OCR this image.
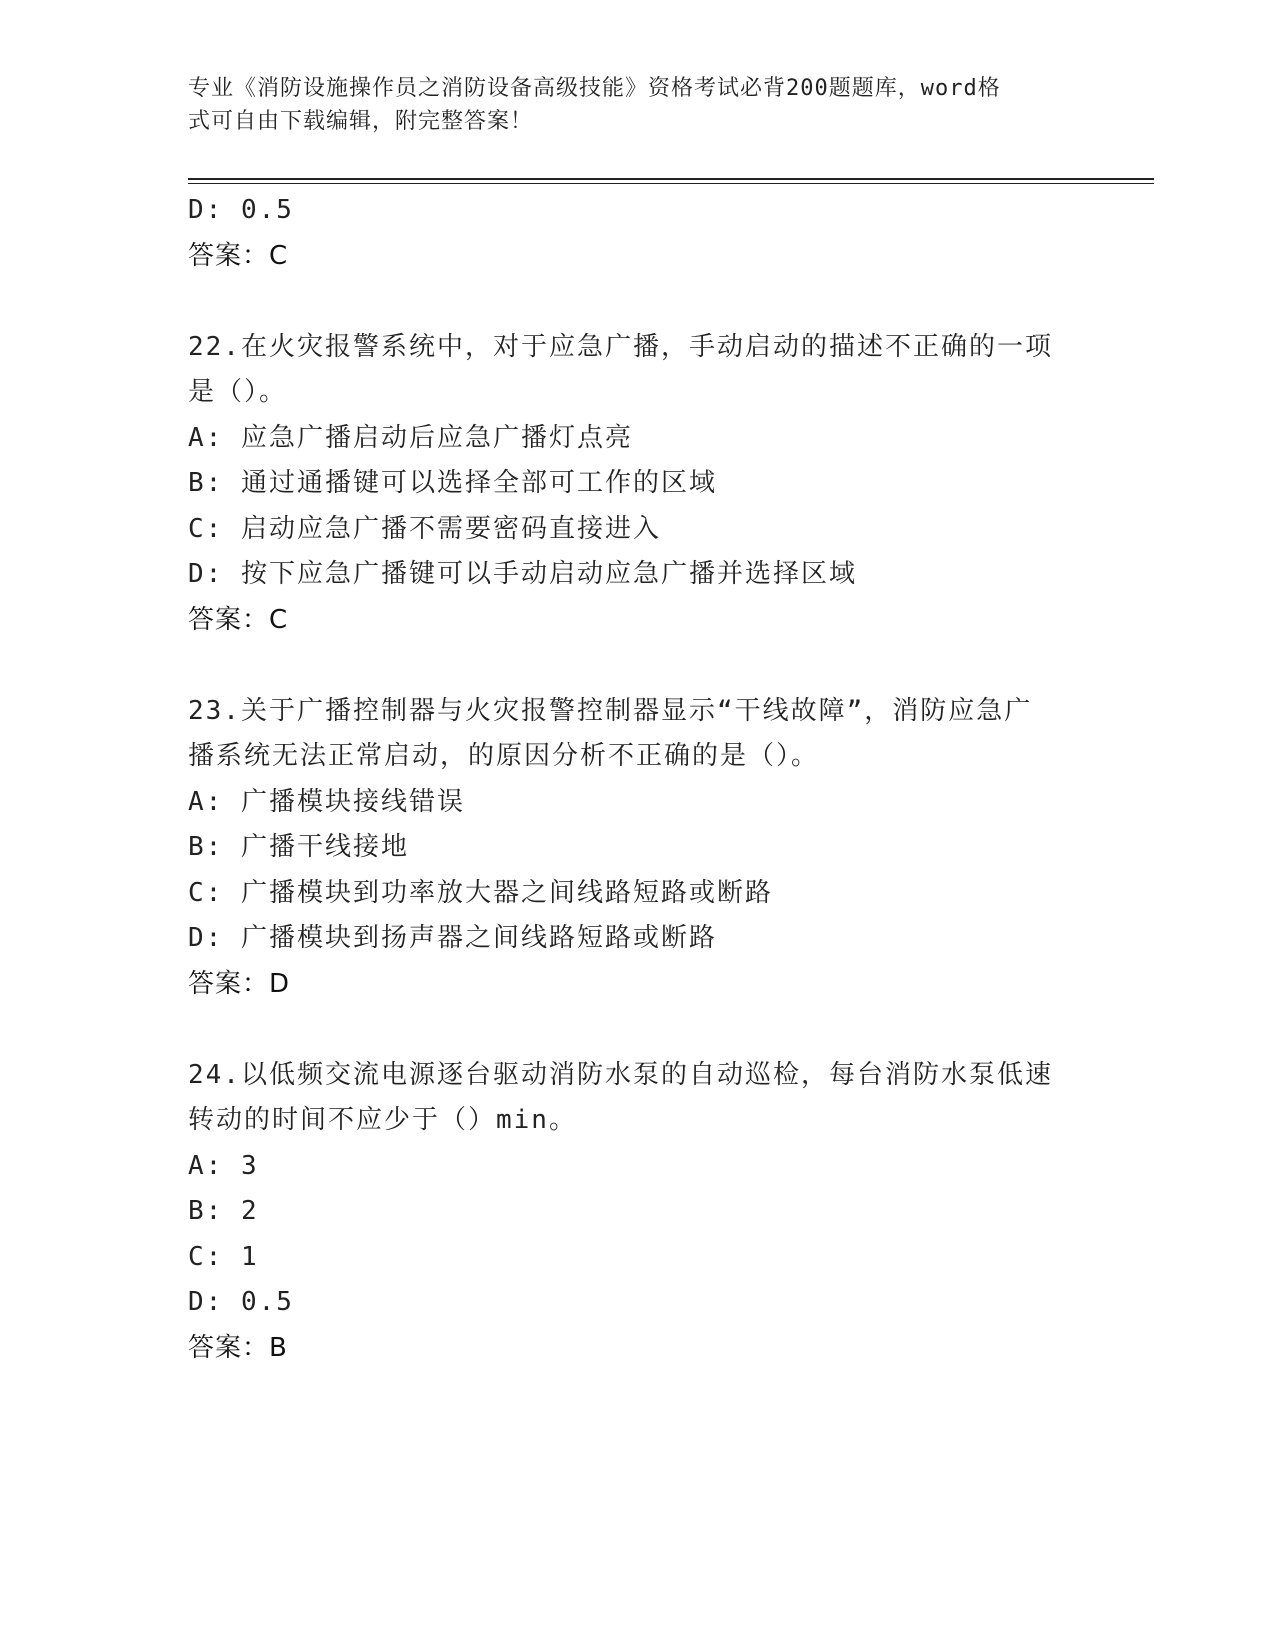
专业《消防设施操作员之消防设备高级技能》资格考试必背200题题库，word格
式可自由下载编辑，附完整答案！
D: 0.5
答案：C
22.在火灾报警系统中，对于应急广播，手动启动的描述不正确的一项
是（）。
A: 应急广播启动后应急广播灯点亮
B: 通过通播键可以选择全部可工作的区域
C: 启动应急广播不需要密码直接进入
D: 按下应急广播键可以手动启动应急广播并选择区域
答案：C
23.关于广播控制器与火灾报警控制器显示“干线故障”，消防应急广
播系统无法正常启动，的原因分析不正确的是（）。
A: 广播模块接线错误
B: 广播干线接地
C: 广播模块到功率放大器之间线路短路或断路
D: 广播模块到扬声器之间线路短路或断路
答案：D
24.以低频交流电源逐台驱动消防水泵的自动巡检，每台消防水泵低速
转动的时间不应少于（）min。
A: 3
B: 2
C: 1
D: 0.5
答案：B
